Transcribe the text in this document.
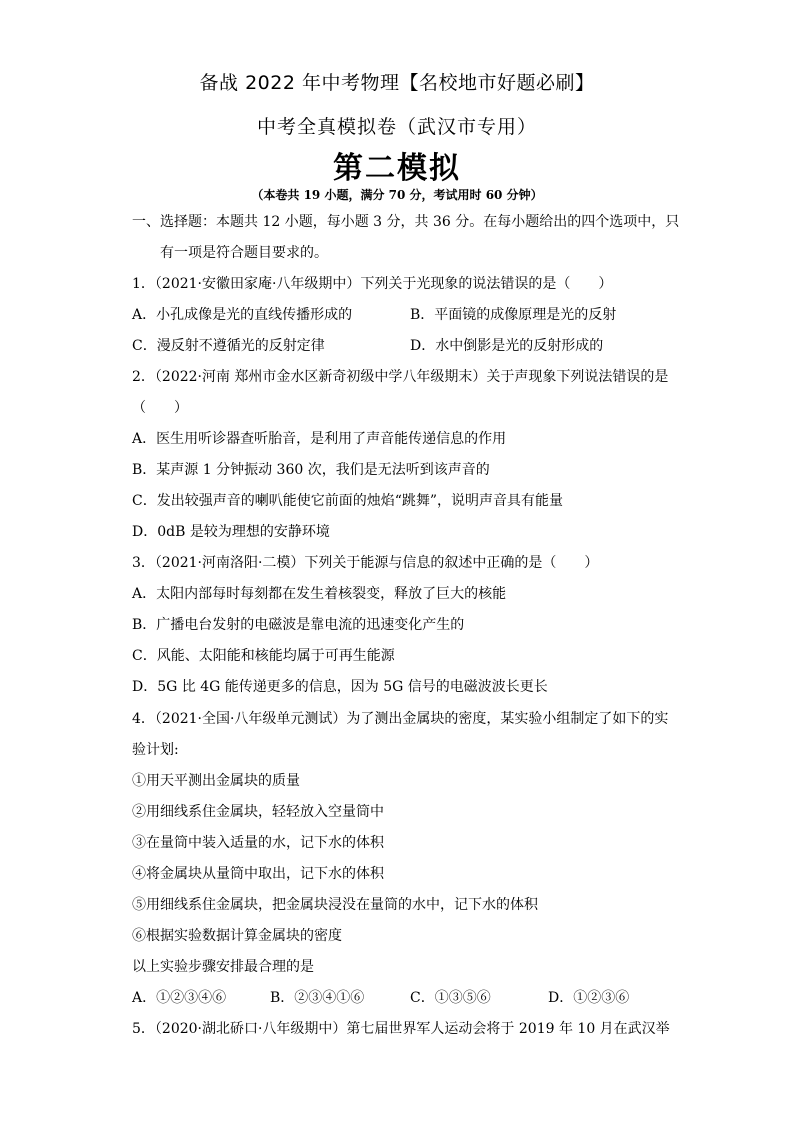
备战 2022 年中考物理【名校地市好题必刷】
中考全真模拟卷（武汉市专用）
第二模拟
（本卷共 19 小题，满分 70 分，考试用时 60 分钟）
一、选择题：本题共 12 小题，每小题 3 分，共 36 分。在每小题给出的四个选项中，只
有一项是符合题目要求的。
1．（2021·安徽田家庵·八年级期中）下列关于光现象的说法错误的是（　　）
A．小孔成像是光的直线传播形成的	B．平面镜的成像原理是光的反射
C．漫反射不遵循光的反射定律	D．水中倒影是光的反射形成的
2．（2022·河南 郑州市金水区新奇初级中学八年级期末）关于声现象下列说法错误的是
（　　）
A．医生用听诊器查听胎音，是利用了声音能传递信息的作用
B．某声源 1 分钟振动 360 次，我们是无法听到该声音的
C．发出较强声音的喇叭能使它前面的烛焰“跳舞”，说明声音具有能量
D．0dB 是较为理想的安静环境
3．（2021·河南洛阳·二模）下列关于能源与信息的叙述中正确的是（　　）
A．太阳内部每时每刻都在发生着核裂变，释放了巨大的核能
B．广播电台发射的电磁波是靠电流的迅速变化产生的
C．风能、太阳能和核能均属于可再生能源
D．5G 比 4G 能传递更多的信息，因为 5G 信号的电磁波波长更长
4．（2021·全国·八年级单元测试）为了测出金属块的密度，某实验小组制定了如下的实
验计划:
①用天平测出金属块的质量
②用细线系住金属块，轻轻放入空量筒中
③在量筒中装入适量的水，记下水的体积
④将金属块从量筒中取出，记下水的体积
⑤用细线系住金属块，把金属块浸没在量筒的水中，记下水的体积
⑥根据实验数据计算金属块的密度
以上实验步骤安排最合理的是
A．①②③④⑥	B．②③④①⑥	C．①③⑤⑥	D．①②③⑥
5．（2020·湖北硚口·八年级期中）第七届世界军人运动会将于 2019 年 10 月在武汉举
